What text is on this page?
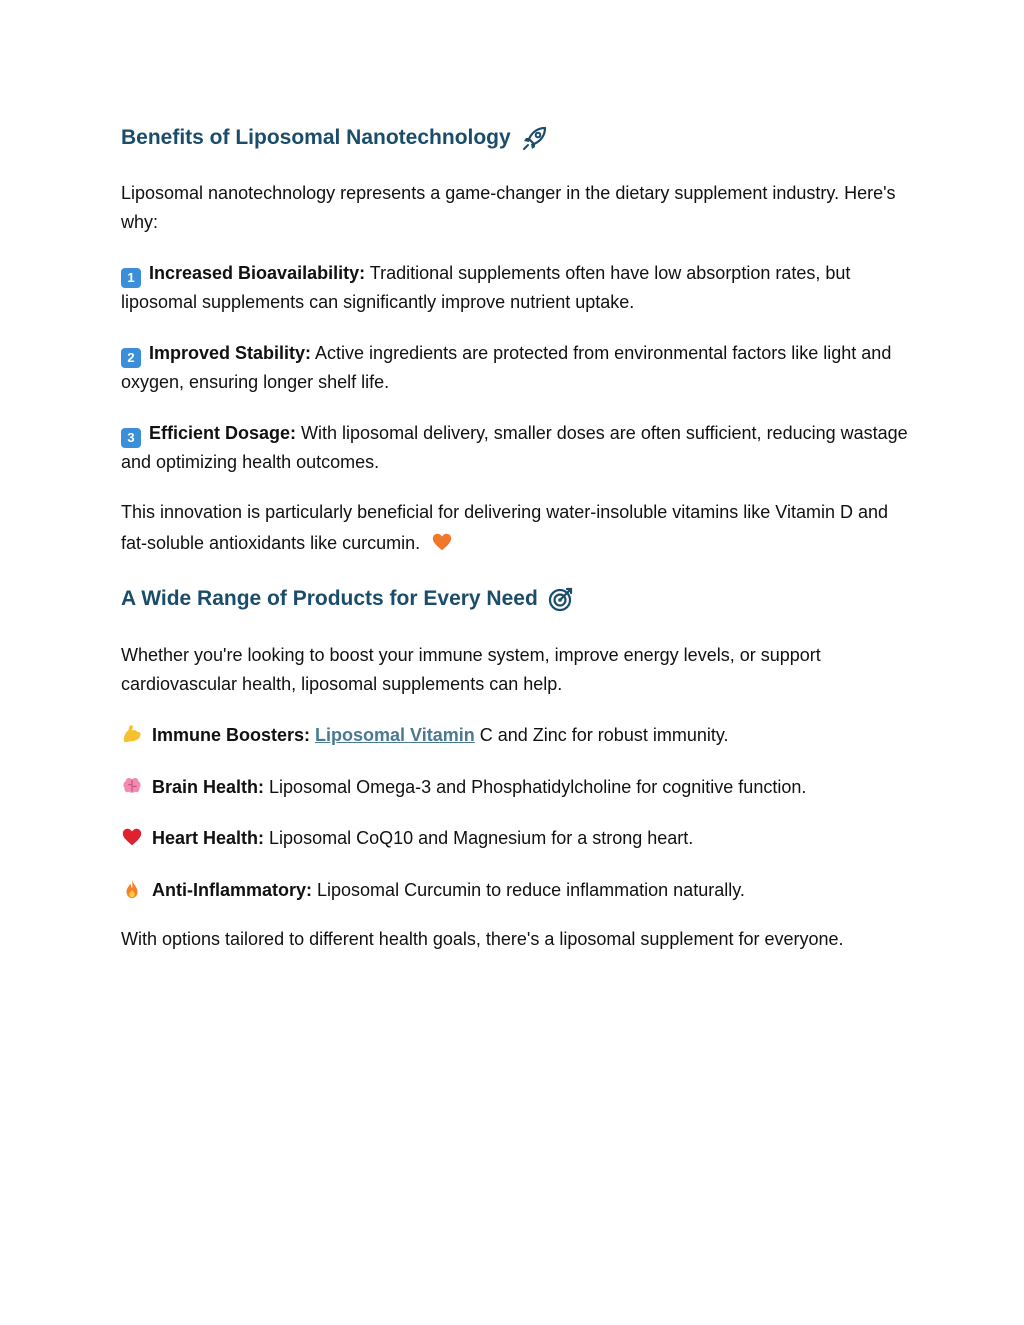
Benefits of Liposomal Nanotechnology

Liposomal nanotechnology represents a game-changer in the dietary supplement industry. Here's why:

1 Increased Bioavailability: Traditional supplements often have low absorption rates, but liposomal supplements can significantly improve nutrient uptake.

2 Improved Stability: Active ingredients are protected from environmental factors like light and oxygen, ensuring longer shelf life.

3 Efficient Dosage: With liposomal delivery, smaller doses are often sufficient, reducing wastage and optimizing health outcomes.

This innovation is particularly beneficial for delivering water-insoluble vitamins like Vitamin D and fat-soluble antioxidants like curcumin.

A Wide Range of Products for Every Need

Whether you're looking to boost your immune system, improve energy levels, or support cardiovascular health, liposomal supplements can help.

Immune Boosters: Liposomal Vitamin C and Zinc for robust immunity.

Brain Health: Liposomal Omega-3 and Phosphatidylcholine for cognitive function.

Heart Health: Liposomal CoQ10 and Magnesium for a strong heart.

Anti-Inflammatory: Liposomal Curcumin to reduce inflammation naturally.

With options tailored to different health goals, there's a liposomal supplement for everyone.
